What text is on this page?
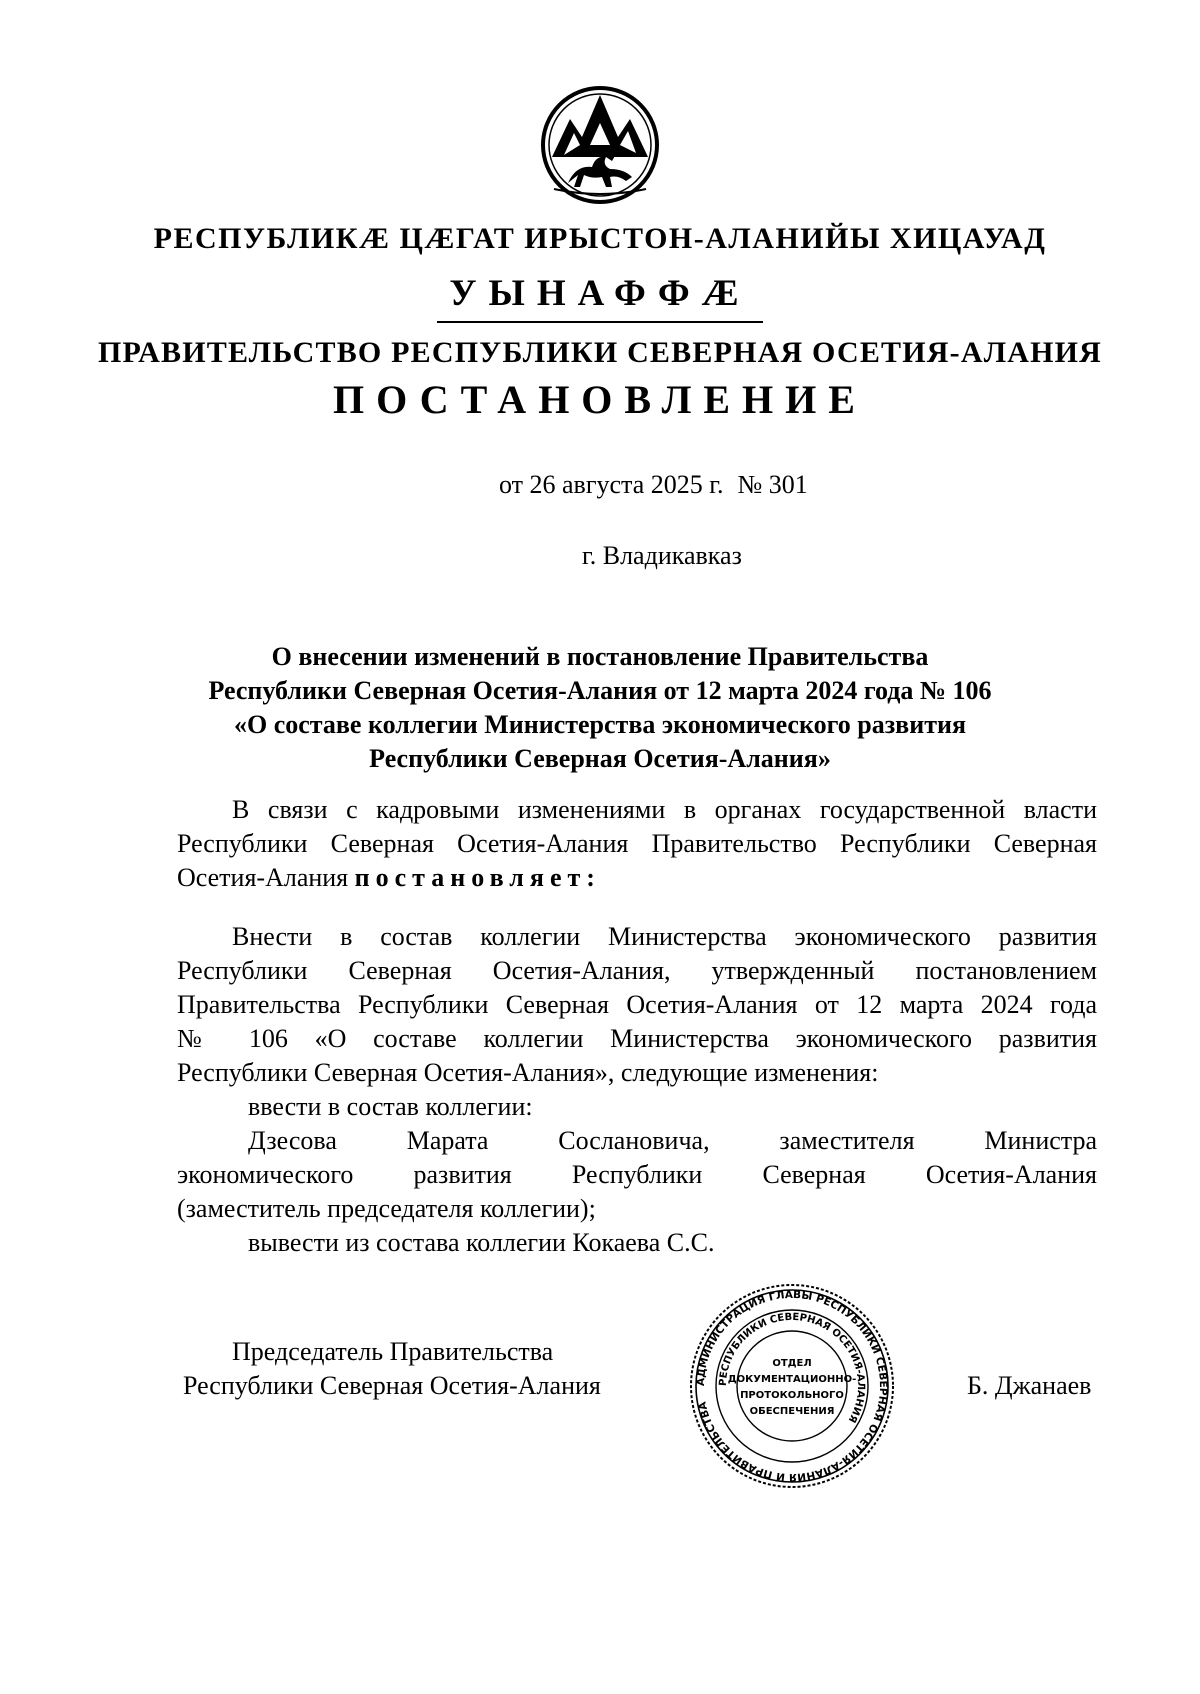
РЕСПУБЛИКÆ ЦÆГАТ ИРЫСТОН-АЛАНИЙЫ ХИЦАУАД
УЫНАФФÆ
ПРАВИТЕЛЬСТВО РЕСПУБЛИКИ СЕВЕРНАЯ ОСЕТИЯ-АЛАНИЯ
ПОСТАНОВЛЕНИЕ
от 26 августа 2025 г. № 301
г. Владикавказ
О внесении изменений в постановление Правительства
Республики Северная Осетия-Алания от 12 марта 2024 года № 106
«О составе коллегии Министерства экономического развития
Республики Северная Осетия-Алания»
В связи с кадровыми изменениями в органах государственной власти
Республики Северная Осетия-Алания Правительство Республики Северная
Осетия-Алания постановляет:
Внести в состав коллегии Министерства экономического развития
Республики Северная Осетия-Алания, утвержденный постановлением
Правительства Республики Северная Осетия-Алания от 12 марта 2024 года
№ 106 «О составе коллегии Министерства экономического развития
Республики Северная Осетия-Алания», следующие изменения:
ввести в состав коллегии:
Дзесова Марата Сослановича, заместителя Министра
экономического развития Республики Северная Осетия-Алания
(заместитель председателя коллегии);
вывести из состава коллегии Кокаева С.С.
Председатель Правительства
Республики Северная Осетия-Алания	Б. Джанаев
АДМИНИСТРАЦИЯ ГЛАВЫ РЕСПУБЛИКИ СЕВЕРНАЯ ОСЕТИЯ-АЛАНИЯ И ПРАВИТЕЛЬСТВА
РЕСПУБЛИКИ СЕВЕРНАЯ ОСЕТИЯ-АЛАНИЯ
ОТДЕЛ
ДОКУМЕНТАЦИОННО-
ПРОТОКОЛЬНОГО
ОБЕСПЕЧЕНИЯ
